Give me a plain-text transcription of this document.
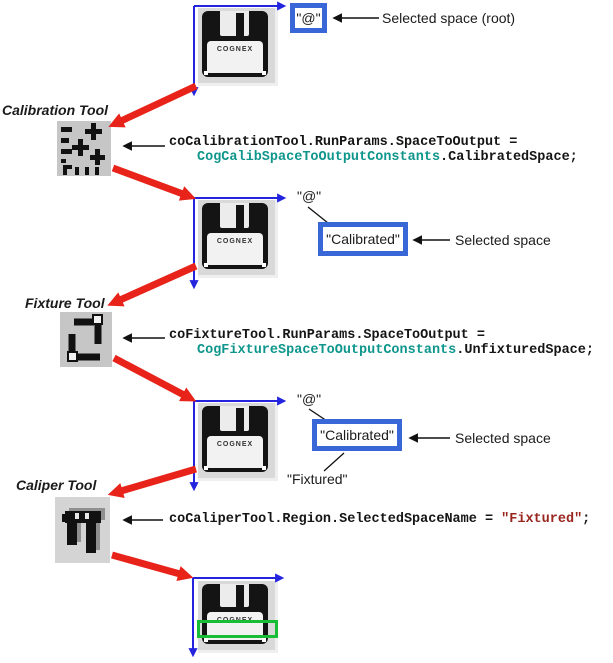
COGNEX
COGNEX
COGNEX
COGNEX
"@"	Selected space (root)
Calibration Tool
coCalibrationTool.RunParams.SpaceToOutput =
CogCalibSpaceToOutputConstants.CalibratedSpace;
"@"
"Calibrated"	Selected space
Fixture Tool
coFixtureTool.RunParams.SpaceToOutput =
CogFixtureSpaceToOutputConstants.UnfixturedSpace;
"@"
"Calibrated"	Selected space
"Fixtured"
Caliper Tool
coCaliperTool.Region.SelectedSpaceName = "Fixtured";
